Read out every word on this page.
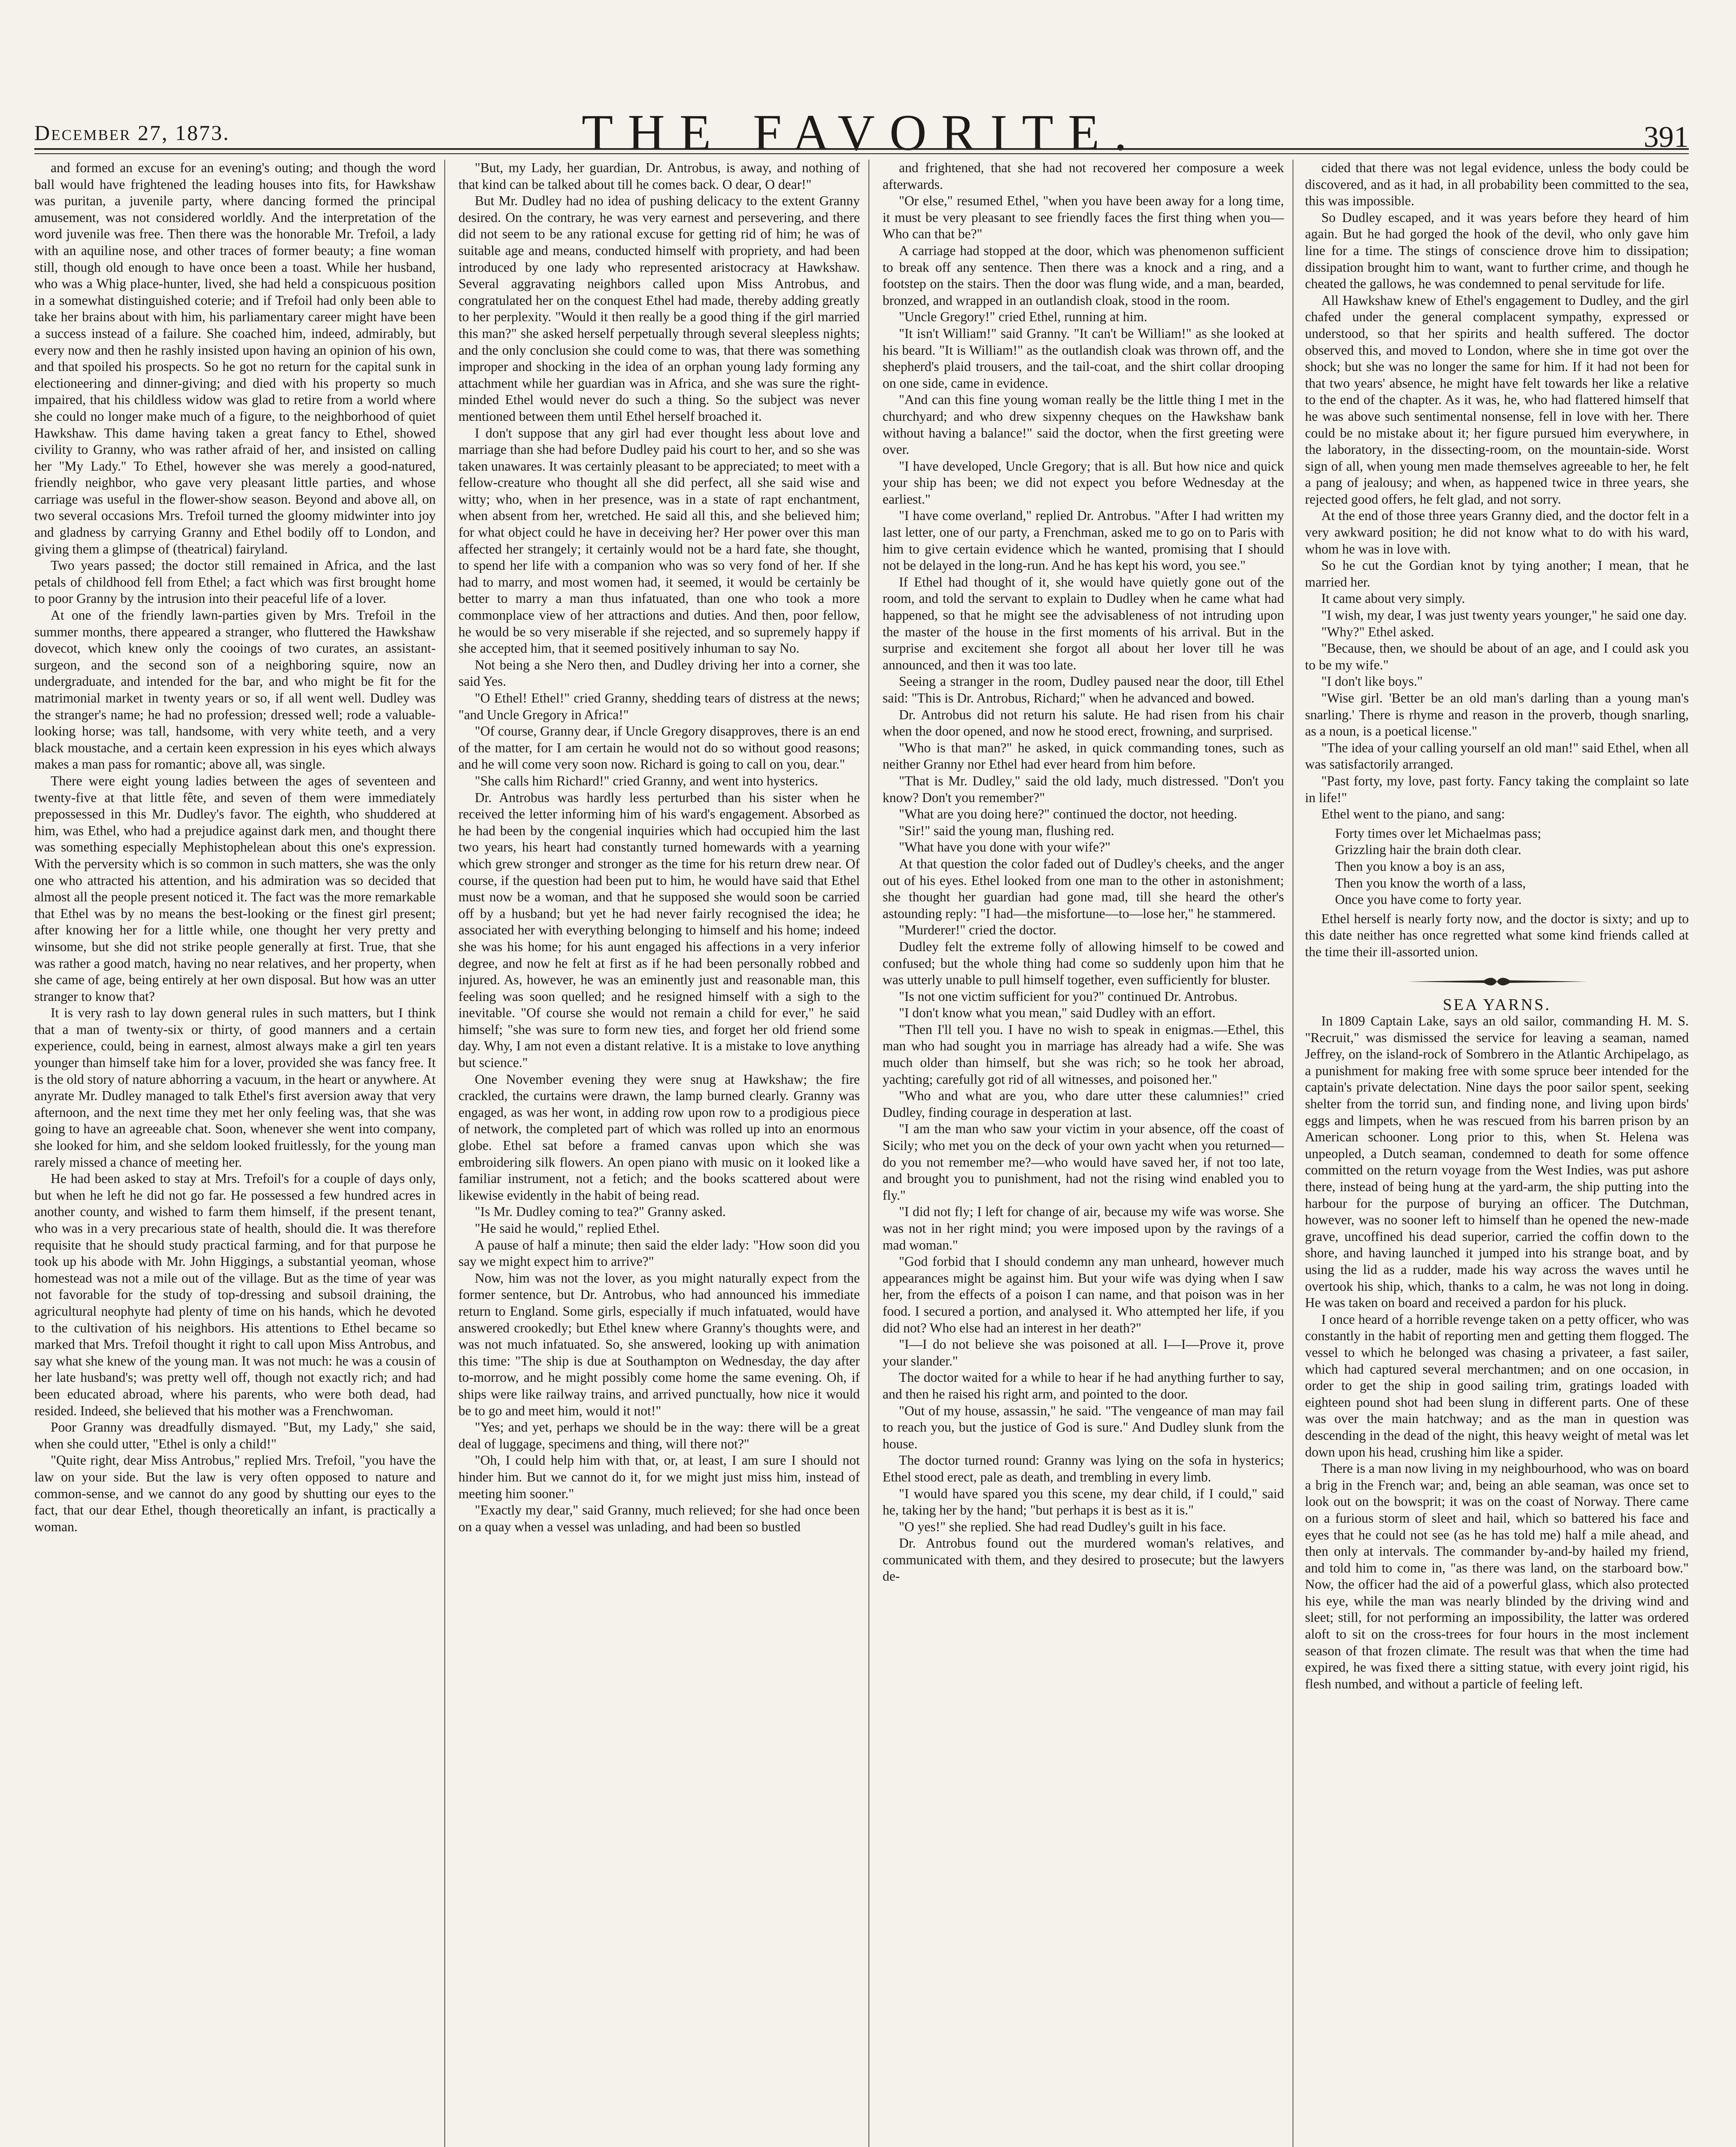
December 27, 1873.	THE FAVORITE.	391

and formed an excuse for an evening's outing; and though the word ball would have frightened the leading houses into fits, for Hawkshaw was puritan, a juvenile party, where dancing formed the principal amusement, was not considered worldly. And the interpretation of the word juvenile was free. Then there was the honorable Mr. Trefoil, a lady with an aquiline nose, and other traces of former beauty; a fine woman still, though old enough to have once been a toast. While her husband, who was a Whig place-hunter, lived, she had held a conspicuous position in a somewhat distinguished coterie; and if Trefoil had only been able to take her brains about with him, his parliamentary career might have been a success instead of a failure. She coached him, indeed, admirably, but every now and then he rashly insisted upon having an opinion of his own, and that spoiled his prospects. So he got no return for the capital sunk in electioneering and dinner-giving; and died with his property so much impaired, that his childless widow was glad to retire from a world where she could no longer make much of a figure, to the neighborhood of quiet Hawkshaw. This dame having taken a great fancy to Ethel, showed civility to Granny, who was rather afraid of her, and insisted on calling her "My Lady." To Ethel, however she was merely a good-natured, friendly neighbor, who gave very pleasant little parties, and whose carriage was useful in the flower-show season. Beyond and above all, on two several occasions Mrs. Trefoil turned the gloomy midwinter into joy and gladness by carrying Granny and Ethel bodily off to London, and giving them a glimpse of (theatrical) fairyland.

Two years passed; the doctor still remained in Africa, and the last petals of childhood fell from Ethel; a fact which was first brought home to poor Granny by the intrusion into their peaceful life of a lover.

At one of the friendly lawn-parties given by Mrs. Trefoil in the summer months, there appeared a stranger, who fluttered the Hawkshaw dovecot, which knew only the cooings of two curates, an assistant-surgeon, and the second son of a neighboring squire, now an undergraduate, and intended for the bar, and who might be fit for the matrimonial market in twenty years or so, if all went well. Dudley was the stranger's name; he had no profession; dressed well; rode a valuable-looking horse; was tall, handsome, with very white teeth, and a very black moustache, and a certain keen expression in his eyes which always makes a man pass for romantic; above all, was single.

There were eight young ladies between the ages of seventeen and twenty-five at that little fête, and seven of them were immediately prepossessed in this Mr. Dudley's favor. The eighth, who shuddered at him, was Ethel, who had a prejudice against dark men, and thought there was something especially Mephistophelean about this one's expression. With the perversity which is so common in such matters, she was the only one who attracted his attention, and his admiration was so decided that almost all the people present noticed it. The fact was the more remarkable that Ethel was by no means the best-looking or the finest girl present; after knowing her for a little while, one thought her very pretty and winsome, but she did not strike people generally at first. True, that she was rather a good match, having no near relatives, and her property, when she came of age, being entirely at her own disposal. But how was an utter stranger to know that?

It is very rash to lay down general rules in such matters, but I think that a man of twenty-six or thirty, of good manners and a certain experience, could, being in earnest, almost always make a girl ten years younger than himself take him for a lover, provided she was fancy free. It is the old story of nature abhorring a vacuum, in the heart or anywhere. At anyrate Mr. Dudley managed to talk Ethel's first aversion away that very afternoon, and the next time they met her only feeling was, that she was going to have an agreeable chat. Soon, whenever she went into company, she looked for him, and she seldom looked fruitlessly, for the young man rarely missed a chance of meeting her.

He had been asked to stay at Mrs. Trefoil's for a couple of days only, but when he left he did not go far. He possessed a few hundred acres in another county, and wished to farm them himself, if the present tenant, who was in a very precarious state of health, should die. It was therefore requisite that he should study practical farming, and for that purpose he took up his abode with Mr. John Higgings, a substantial yeoman, whose homestead was not a mile out of the village. But as the time of year was not favorable for the study of top-dressing and subsoil draining, the agricultural neophyte had plenty of time on his hands, which he devoted to the cultivation of his neighbors. His attentions to Ethel became so marked that Mrs. Trefoil thought it right to call upon Miss Antrobus, and say what she knew of the young man. It was not much: he was a cousin of her late husband's; was pretty well off, though not exactly rich; and had been educated abroad, where his parents, who were both dead, had resided. Indeed, she believed that his mother was a Frenchwoman.

Poor Granny was dreadfully dismayed. "But, my Lady," she said, when she could utter, "Ethel is only a child!"

"Quite right, dear Miss Antrobus," replied Mrs. Trefoil, "you have the law on your side. But the law is very often opposed to nature and common-sense, and we cannot do any good by shutting our eyes to the fact, that our dear Ethel, though theoretically an infant, is practically a woman.

"But, my Lady, her guardian, Dr. Antrobus, is away, and nothing of that kind can be talked about till he comes back. O dear, O dear!"

But Mr. Dudley had no idea of pushing delicacy to the extent Granny desired. On the contrary, he was very earnest and persevering, and there did not seem to be any rational excuse for getting rid of him; he was of suitable age and means, conducted himself with propriety, and had been introduced by one lady who represented aristocracy at Hawkshaw. Several aggravating neighbors called upon Miss Antrobus, and congratulated her on the conquest Ethel had made, thereby adding greatly to her perplexity. "Would it then really be a good thing if the girl married this man?" she asked herself perpetually through several sleepless nights; and the only conclusion she could come to was, that there was something improper and shocking in the idea of an orphan young lady forming any attachment while her guardian was in Africa, and she was sure the right-minded Ethel would never do such a thing. So the subject was never mentioned between them until Ethel herself broached it.

I don't suppose that any girl had ever thought less about love and marriage than she had before Dudley paid his court to her, and so she was taken unawares. It was certainly pleasant to be appreciated; to meet with a fellow-creature who thought all she did perfect, all she said wise and witty; who, when in her presence, was in a state of rapt enchantment, when absent from her, wretched. He said all this, and she believed him; for what object could he have in deceiving her? Her power over this man affected her strangely; it certainly would not be a hard fate, she thought, to spend her life with a companion who was so very fond of her. If she had to marry, and most women had, it seemed, it would be certainly be better to marry a man thus infatuated, than one who took a more commonplace view of her attractions and duties. And then, poor fellow, he would be so very miserable if she rejected, and so supremely happy if she accepted him, that it seemed positively inhuman to say No.

Not being a she Nero then, and Dudley driving her into a corner, she said Yes.

"O Ethel! Ethel!" cried Granny, shedding tears of distress at the news; "and Uncle Gregory in Africa!"

"Of course, Granny dear, if Uncle Gregory disapproves, there is an end of the matter, for I am certain he would not do so without good reasons; and he will come very soon now. Richard is going to call on you, dear."

"She calls him Richard!" cried Granny, and went into hysterics.

Dr. Antrobus was hardly less perturbed than his sister when he received the letter informing him of his ward's engagement. Absorbed as he had been by the congenial inquiries which had occupied him the last two years, his heart had constantly turned homewards with a yearning which grew stronger and stronger as the time for his return drew near. Of course, if the question had been put to him, he would have said that Ethel must now be a woman, and that he supposed she would soon be carried off by a husband; but yet he had never fairly recognised the idea; he associated her with everything belonging to himself and his home; indeed she was his home; for his aunt engaged his affections in a very inferior degree, and now he felt at first as if he had been personally robbed and injured. As, however, he was an eminently just and reasonable man, this feeling was soon quelled; and he resigned himself with a sigh to the inevitable. "Of course she would not remain a child for ever," he said himself; "she was sure to form new ties, and forget her old friend some day. Why, I am not even a distant relative. It is a mistake to love anything but science."

One November evening they were snug at Hawkshaw; the fire crackled, the curtains were drawn, the lamp burned clearly. Granny was engaged, as was her wont, in adding row upon row to a prodigious piece of network, the completed part of which was rolled up into an enormous globe. Ethel sat before a framed canvas upon which she was embroidering silk flowers. An open piano with music on it looked like a familiar instrument, not a fetich; and the books scattered about were likewise evidently in the habit of being read.

"Is Mr. Dudley coming to tea?" Granny asked.

"He said he would," replied Ethel.

A pause of half a minute; then said the elder lady: "How soon did you say we might expect him to arrive?"

Now, him was not the lover, as you might naturally expect from the former sentence, but Dr. Antrobus, who had announced his immediate return to England. Some girls, especially if much infatuated, would have answered crookedly; but Ethel knew where Granny's thoughts were, and was not much infatuated. So, she answered, looking up with animation this time: "The ship is due at Southampton on Wednesday, the day after to-morrow, and he might possibly come home the same evening. Oh, if ships were like railway trains, and arrived punctually, how nice it would be to go and meet him, would it not!"

"Yes; and yet, perhaps we should be in the way: there will be a great deal of luggage, specimens and thing, will there not?"

"Oh, I could help him with that, or, at least, I am sure I should not hinder him. But we cannot do it, for we might just miss him, instead of meeting him sooner."

"Exactly my dear," said Granny, much relieved; for she had once been on a quay when a vessel was unlading, and had been so bustled

and frightened, that she had not recovered her composure a week afterwards.

"Or else," resumed Ethel, "when you have been away for a long time, it must be very pleasant to see friendly faces the first thing when you— Who can that be?"

A carriage had stopped at the door, which was phenomenon sufficient to break off any sentence. Then there was a knock and a ring, and a footstep on the stairs. Then the door was flung wide, and a man, bearded, bronzed, and wrapped in an outlandish cloak, stood in the room.

"Uncle Gregory!" cried Ethel, running at him.

"It isn't William!" said Granny. "It can't be William!" as she looked at his beard. "It is William!" as the outlandish cloak was thrown off, and the shepherd's plaid trousers, and the tail-coat, and the shirt collar drooping on one side, came in evidence.

"And can this fine young woman really be the little thing I met in the churchyard; and who drew sixpenny cheques on the Hawkshaw bank without having a balance!" said the doctor, when the first greeting were over.

"I have developed, Uncle Gregory; that is all. But how nice and quick your ship has been; we did not expect you before Wednesday at the earliest."

"I have come overland," replied Dr. Antrobus. "After I had written my last letter, one of our party, a Frenchman, asked me to go on to Paris with him to give certain evidence which he wanted, promising that I should not be delayed in the long-run. And he has kept his word, you see."

If Ethel had thought of it, she would have quietly gone out of the room, and told the servant to explain to Dudley when he came what had happened, so that he might see the advisableness of not intruding upon the master of the house in the first moments of his arrival. But in the surprise and excitement she forgot all about her lover till he was announced, and then it was too late.

Seeing a stranger in the room, Dudley paused near the door, till Ethel said: "This is Dr. Antrobus, Richard;" when he advanced and bowed.

Dr. Antrobus did not return his salute. He had risen from his chair when the door opened, and now he stood erect, frowning, and surprised.

"Who is that man?" he asked, in quick commanding tones, such as neither Granny nor Ethel had ever heard from him before.

"That is Mr. Dudley," said the old lady, much distressed. "Don't you know? Don't you remember?"

"What are you doing here?" continued the doctor, not heeding.

"Sir!" said the young man, flushing red.

"What have you done with your wife?"

At that question the color faded out of Dudley's cheeks, and the anger out of his eyes. Ethel looked from one man to the other in astonishment; she thought her guardian had gone mad, till she heard the other's astounding reply: "I had—the misfortune—to—lose her," he stammered.

"Murderer!" cried the doctor.

Dudley felt the extreme folly of allowing himself to be cowed and confused; but the whole thing had come so suddenly upon him that he was utterly unable to pull himself together, even sufficiently for bluster.

"Is not one victim sufficient for you?" continued Dr. Antrobus.

"I don't know what you mean," said Dudley with an effort.

"Then I'll tell you. I have no wish to speak in enigmas.—Ethel, this man who had sought you in marriage has already had a wife. She was much older than himself, but she was rich; so he took her abroad, yachting; carefully got rid of all witnesses, and poisoned her."

"Who and what are you, who dare utter these calumnies!" cried Dudley, finding courage in desperation at last.

"I am the man who saw your victim in your absence, off the coast of Sicily; who met you on the deck of your own yacht when you returned—do you not remember me?—who would have saved her, if not too late, and brought you to punishment, had not the rising wind enabled you to fly."

"I did not fly; I left for change of air, because my wife was worse. She was not in her right mind; you were imposed upon by the ravings of a mad woman."

"God forbid that I should condemn any man unheard, however much appearances might be against him. But your wife was dying when I saw her, from the effects of a poison I can name, and that poison was in her food. I secured a portion, and analysed it. Who attempted her life, if you did not? Who else had an interest in her death?"

"I—I do not believe she was poisoned at all. I—I—Prove it, prove your slander."

The doctor waited for a while to hear if he had anything further to say, and then he raised his right arm, and pointed to the door.

"Out of my house, assassin," he said. "The vengeance of man may fail to reach you, but the justice of God is sure." And Dudley slunk from the house.

The doctor turned round: Granny was lying on the sofa in hysterics; Ethel stood erect, pale as death, and trembling in every limb.

"I would have spared you this scene, my dear child, if I could," said he, taking her by the hand; "but perhaps it is best as it is."

"O yes!" she replied. She had read Dudley's guilt in his face.

Dr. Antrobus found out the murdered woman's relatives, and communicated with them, and they desired to prosecute; but the lawyers de-

cided that there was not legal evidence, unless the body could be discovered, and as it had, in all probability been committed to the sea, this was impossible.

So Dudley escaped, and it was years before they heard of him again. But he had gorged the hook of the devil, who only gave him line for a time. The stings of conscience drove him to dissipation; dissipation brought him to want, want to further crime, and though he cheated the gallows, he was condemned to penal servitude for life.

All Hawkshaw knew of Ethel's engagement to Dudley, and the girl chafed under the general complacent sympathy, expressed or understood, so that her spirits and health suffered. The doctor observed this, and moved to London, where she in time got over the shock; but she was no longer the same for him. If it had not been for that two years' absence, he might have felt towards her like a relative to the end of the chapter. As it was, he, who had flattered himself that he was above such sentimental nonsense, fell in love with her. There could be no mistake about it; her figure pursued him everywhere, in the laboratory, in the dissecting-room, on the mountain-side. Worst sign of all, when young men made themselves agreeable to her, he felt a pang of jealousy; and when, as happened twice in three years, she rejected good offers, he felt glad, and not sorry.

At the end of those three years Granny died, and the doctor felt in a very awkward position; he did not know what to do with his ward, whom he was in love with.

So he cut the Gordian knot by tying another; I mean, that he married her.

It came about very simply.

"I wish, my dear, I was just twenty years younger," he said one day.

"Why?" Ethel asked.

"Because, then, we should be about of an age, and I could ask you to be my wife."

"I don't like boys."

"Wise girl. 'Better be an old man's darling than a young man's snarling.' There is rhyme and reason in the proverb, though snarling, as a noun, is a poetical license."

"The idea of your calling yourself an old man!" said Ethel, when all was satisfactorily arranged.

"Past forty, my love, past forty. Fancy taking the complaint so late in life!"

Ethel went to the piano, and sang:

Forty times over let Michaelmas pass;
Grizzling hair the brain doth clear.
Then you know a boy is an ass,
Then you know the worth of a lass,
Once you have come to forty year.

Ethel herself is nearly forty now, and the doctor is sixty; and up to this date neither has once regretted what some kind friends called at the time their ill-assorted union.

SEA YARNS.

In 1809 Captain Lake, says an old sailor, commanding H. M. S. "Recruit," was dismissed the service for leaving a seaman, named Jeffrey, on the island-rock of Sombrero in the Atlantic Archipelago, as a punishment for making free with some spruce beer intended for the captain's private delectation. Nine days the poor sailor spent, seeking shelter from the torrid sun, and finding none, and living upon birds' eggs and limpets, when he was rescued from his barren prison by an American schooner. Long prior to this, when St. Helena was unpeopled, a Dutch seaman, condemned to death for some offence committed on the return voyage from the West Indies, was put ashore there, instead of being hung at the yard-arm, the ship putting into the harbour for the purpose of burying an officer. The Dutchman, however, was no sooner left to himself than he opened the new-made grave, uncoffined his dead superior, carried the coffin down to the shore, and having launched it jumped into his strange boat, and by using the lid as a rudder, made his way across the waves until he overtook his ship, which, thanks to a calm, he was not long in doing. He was taken on board and received a pardon for his pluck.

I once heard of a horrible revenge taken on a petty officer, who was constantly in the habit of reporting men and getting them flogged. The vessel to which he belonged was chasing a privateer, a fast sailer, which had captured several merchantmen; and on one occasion, in order to get the ship in good sailing trim, gratings loaded with eighteen pound shot had been slung in different parts. One of these was over the main hatchway; and as the man in question was descending in the dead of the night, this heavy weight of metal was let down upon his head, crushing him like a spider.

There is a man now living in my neighbourhood, who was on board a brig in the French war; and, being an able seaman, was once set to look out on the bowsprit; it was on the coast of Norway. There came on a furious storm of sleet and hail, which so battered his face and eyes that he could not see (as he has told me) half a mile ahead, and then only at intervals. The commander by-and-by hailed my friend, and told him to come in, "as there was land, on the starboard bow." Now, the officer had the aid of a powerful glass, which also protected his eye, while the man was nearly blinded by the driving wind and sleet; still, for not performing an impossibility, the latter was ordered aloft to sit on the cross-trees for four hours in the most inclement season of that frozen climate. The result was that when the time had expired, he was fixed there a sitting statue, with every joint rigid, his flesh numbed, and without a particle of feeling left.
